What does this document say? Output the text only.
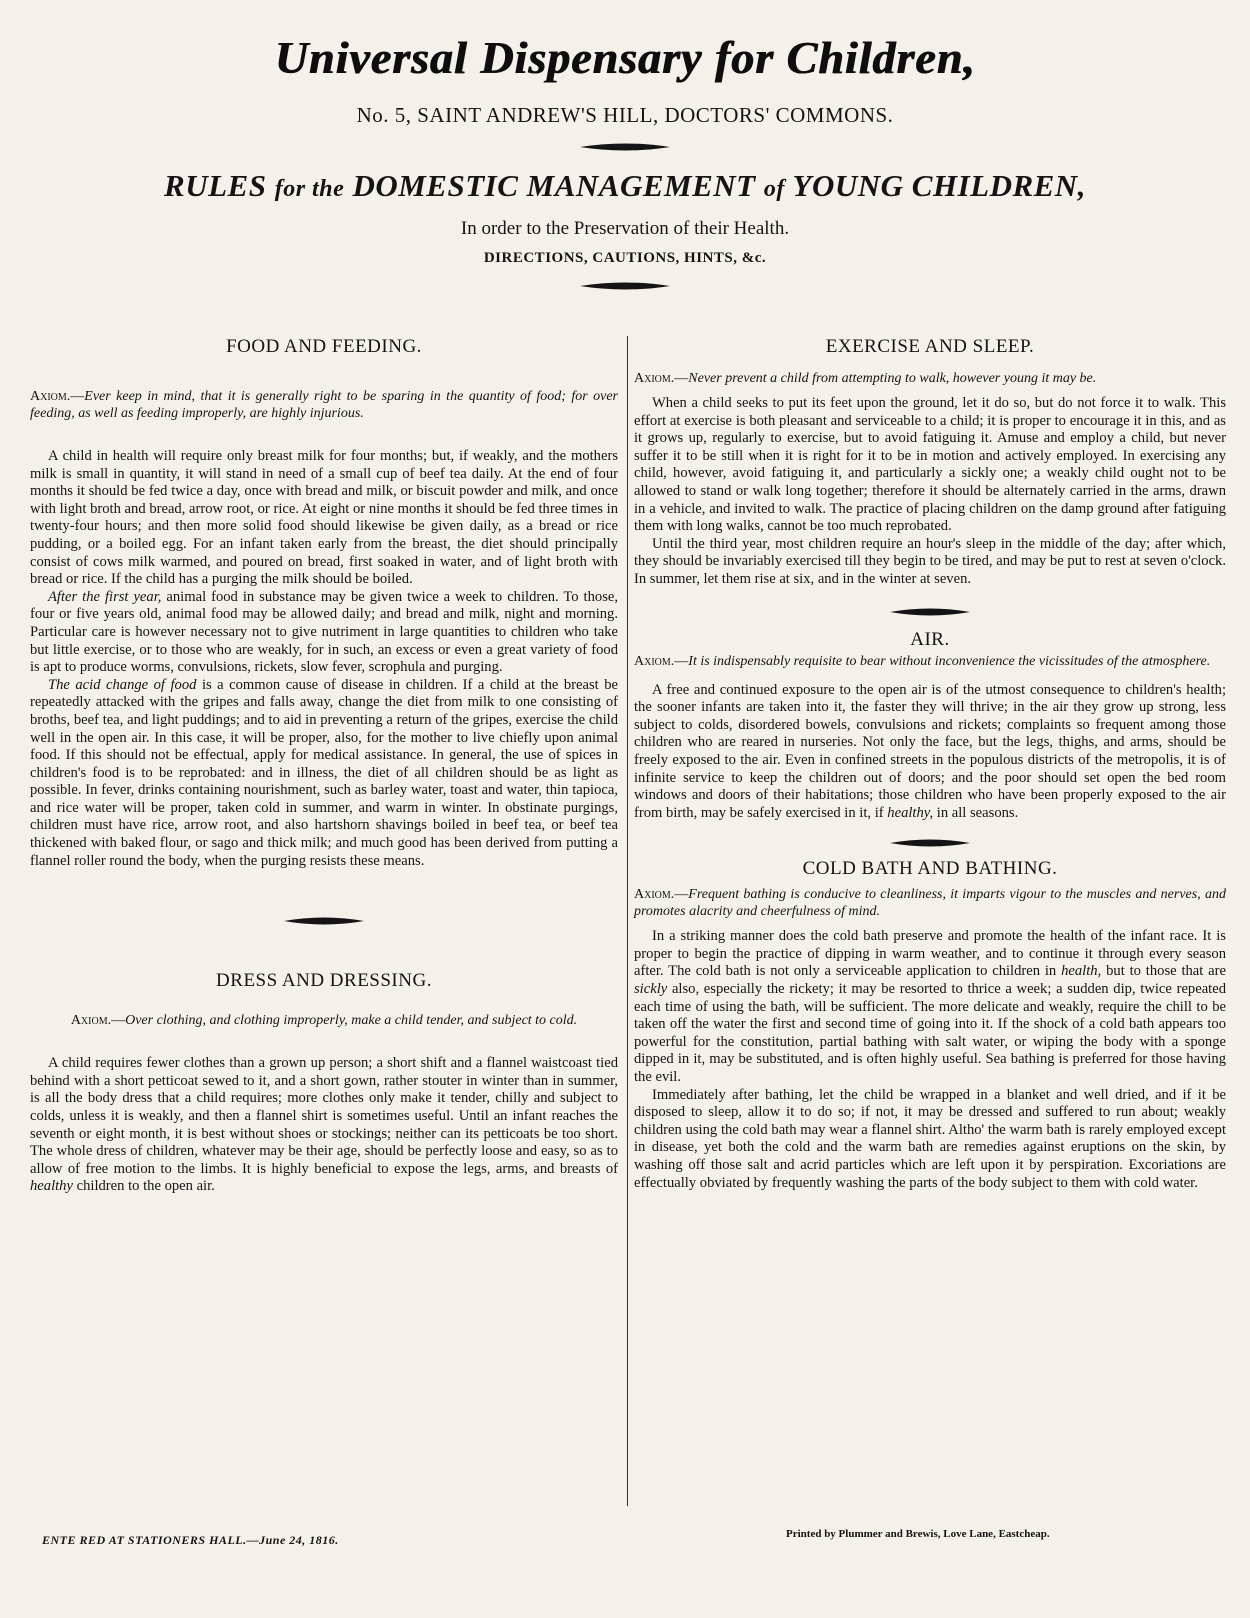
Universal Dispensary for Children,
No. 5, SAINT ANDREW'S HILL, DOCTORS' COMMONS.
RULES for the DOMESTIC MANAGEMENT of YOUNG CHILDREN,
In order to the Preservation of their Health.
DIRECTIONS, CAUTIONS, HINTS, &c.
FOOD AND FEEDING.

Axiom.—Ever keep in mind, that it is generally right to be sparing in the quantity of food; for over feeding, as well as feeding improperly, are highly injurious.

A child in health will require only breast milk for four months; but, if weakly, and the mothers milk is small in quantity, it will stand in need of a small cup of beef tea daily. At the end of four months it should be fed twice a day, once with bread and milk, or biscuit powder and milk, and once with light broth and bread, arrow root, or rice. At eight or nine months it should be fed three times in twenty-four hours; and then more solid food should likewise be given daily, as a bread or rice pudding, or a boiled egg. For an infant taken early from the breast, the diet should principally consist of cows milk warmed, and poured on bread, first soaked in water, and of light broth with bread or rice. If the child has a purging the milk should be boiled.

After the first year, animal food in substance may be given twice a week to children. To those, four or five years old, animal food may be allowed daily; and bread and milk, night and morning. Particular care is however necessary not to give nutriment in large quantities to children who take but little exercise, or to those who are weakly, for in such, an excess or even a great variety of food is apt to produce worms, convulsions, rickets, slow fever, scrophula and purging.

The acid change of food is a common cause of disease in children. If a child at the breast be repeatedly attacked with the gripes and falls away, change the diet from milk to one consisting of broths, beef tea, and light puddings; and to aid in preventing a return of the gripes, exercise the child well in the open air. In this case, it will be proper, also, for the mother to live chiefly upon animal food. If this should not be effectual, apply for medical assistance. In general, the use of spices in children's food is to be reprobated: and in illness, the diet of all children should be as light as possible. In fever, drinks containing nourishment, such as barley water, toast and water, thin tapioca, and rice water will be proper, taken cold in summer, and warm in winter. In obstinate purgings, children must have rice, arrow root, and also hartshorn shavings boiled in beef tea, or beef tea thickened with baked flour, or sago and thick milk; and much good has been derived from putting a flannel roller round the body, when the purging resists these means.

DRESS AND DRESSING.

Axiom.—Over clothing, and clothing improperly, make a child tender, and subject to cold.

A child requires fewer clothes than a grown up person; a short shift and a flannel waistcoast tied behind with a short petticoat sewed to it, and a short gown, rather stouter in winter than in summer, is all the body dress that a child requires; more clothes only make it tender, chilly and subject to colds, unless it is weakly, and then a flannel shirt is sometimes useful. Until an infant reaches the seventh or eight month, it is best without shoes or stockings; neither can its petticoats be too short. The whole dress of children, whatever may be their age, should be perfectly loose and easy, so as to allow of free motion to the limbs. It is highly beneficial to expose the legs, arms, and breasts of healthy children to the open air.

EXERCISE AND SLEEP.

Axiom.—Never prevent a child from attempting to walk, however young it may be.

When a child seeks to put its feet upon the ground, let it do so, but do not force it to walk. This effort at exercise is both pleasant and serviceable to a child; it is proper to encourage it in this, and as it grows up, regularly to exercise, but to avoid fatiguing it. Amuse and employ a child, but never suffer it to be still when it is right for it to be in motion and actively employed. In exercising any child, however, avoid fatiguing it, and particularly a sickly one; a weakly child ought not to be allowed to stand or walk long together; therefore it should be alternately carried in the arms, drawn in a vehicle, and invited to walk. The practice of placing children on the damp ground after fatiguing them with long walks, cannot be too much reprobated.

Until the third year, most children require an hour's sleep in the middle of the day; after which, they should be invariably exercised till they begin to be tired, and may be put to rest at seven o'clock. In summer, let them rise at six, and in the winter at seven.

AIR.

Axiom.—It is indispensably requisite to bear without inconvenience the vicissitudes of the atmosphere.

A free and continued exposure to the open air is of the utmost consequence to children's health; the sooner infants are taken into it, the faster they will thrive; in the air they grow up strong, less subject to colds, disordered bowels, convulsions and rickets; complaints so frequent among those children who are reared in nurseries. Not only the face, but the legs, thighs, and arms, should be freely exposed to the air. Even in confined streets in the populous districts of the metropolis, it is of infinite service to keep the children out of doors; and the poor should set open the bed room windows and doors of their habitations; those children who have been properly exposed to the air from birth, may be safely exercised in it, if healthy, in all seasons.

COLD BATH AND BATHING.

Axiom.—Frequent bathing is conducive to cleanliness, it imparts vigour to the muscles and nerves, and promotes alacrity and cheerfulness of mind.

In a striking manner does the cold bath preserve and promote the health of the infant race. It is proper to begin the practice of dipping in warm weather, and to continue it through every season after. The cold bath is not only a serviceable application to children in health, but to those that are sickly also, especially the rickety; it may be resorted to thrice a week; a sudden dip, twice repeated each time of using the bath, will be sufficient. The more delicate and weakly, require the chill to be taken off the water the first and second time of going into it. If the shock of a cold bath appears too powerful for the constitution, partial bathing with salt water, or wiping the body with a sponge dipped in it, may be substituted, and is often highly useful. Sea bathing is preferred for those having the evil.

Immediately after bathing, let the child be wrapped in a blanket and well dried, and if it be disposed to sleep, allow it to do so; if not, it may be dressed and suffered to run about; weakly children using the cold bath may wear a flannel shirt. Altho' the warm bath is rarely employed except in disease, yet both the cold and the warm bath are remedies against eruptions on the skin, by washing off those salt and acrid particles which are left upon it by perspiration. Excoriations are effectually obviated by frequently washing the parts of the body subject to them with cold water.

ENTE RED AT STATIONERS HALL.—June 24, 1816.	Printed by Plummer and Brewis, Love Lane, Eastcheap.
